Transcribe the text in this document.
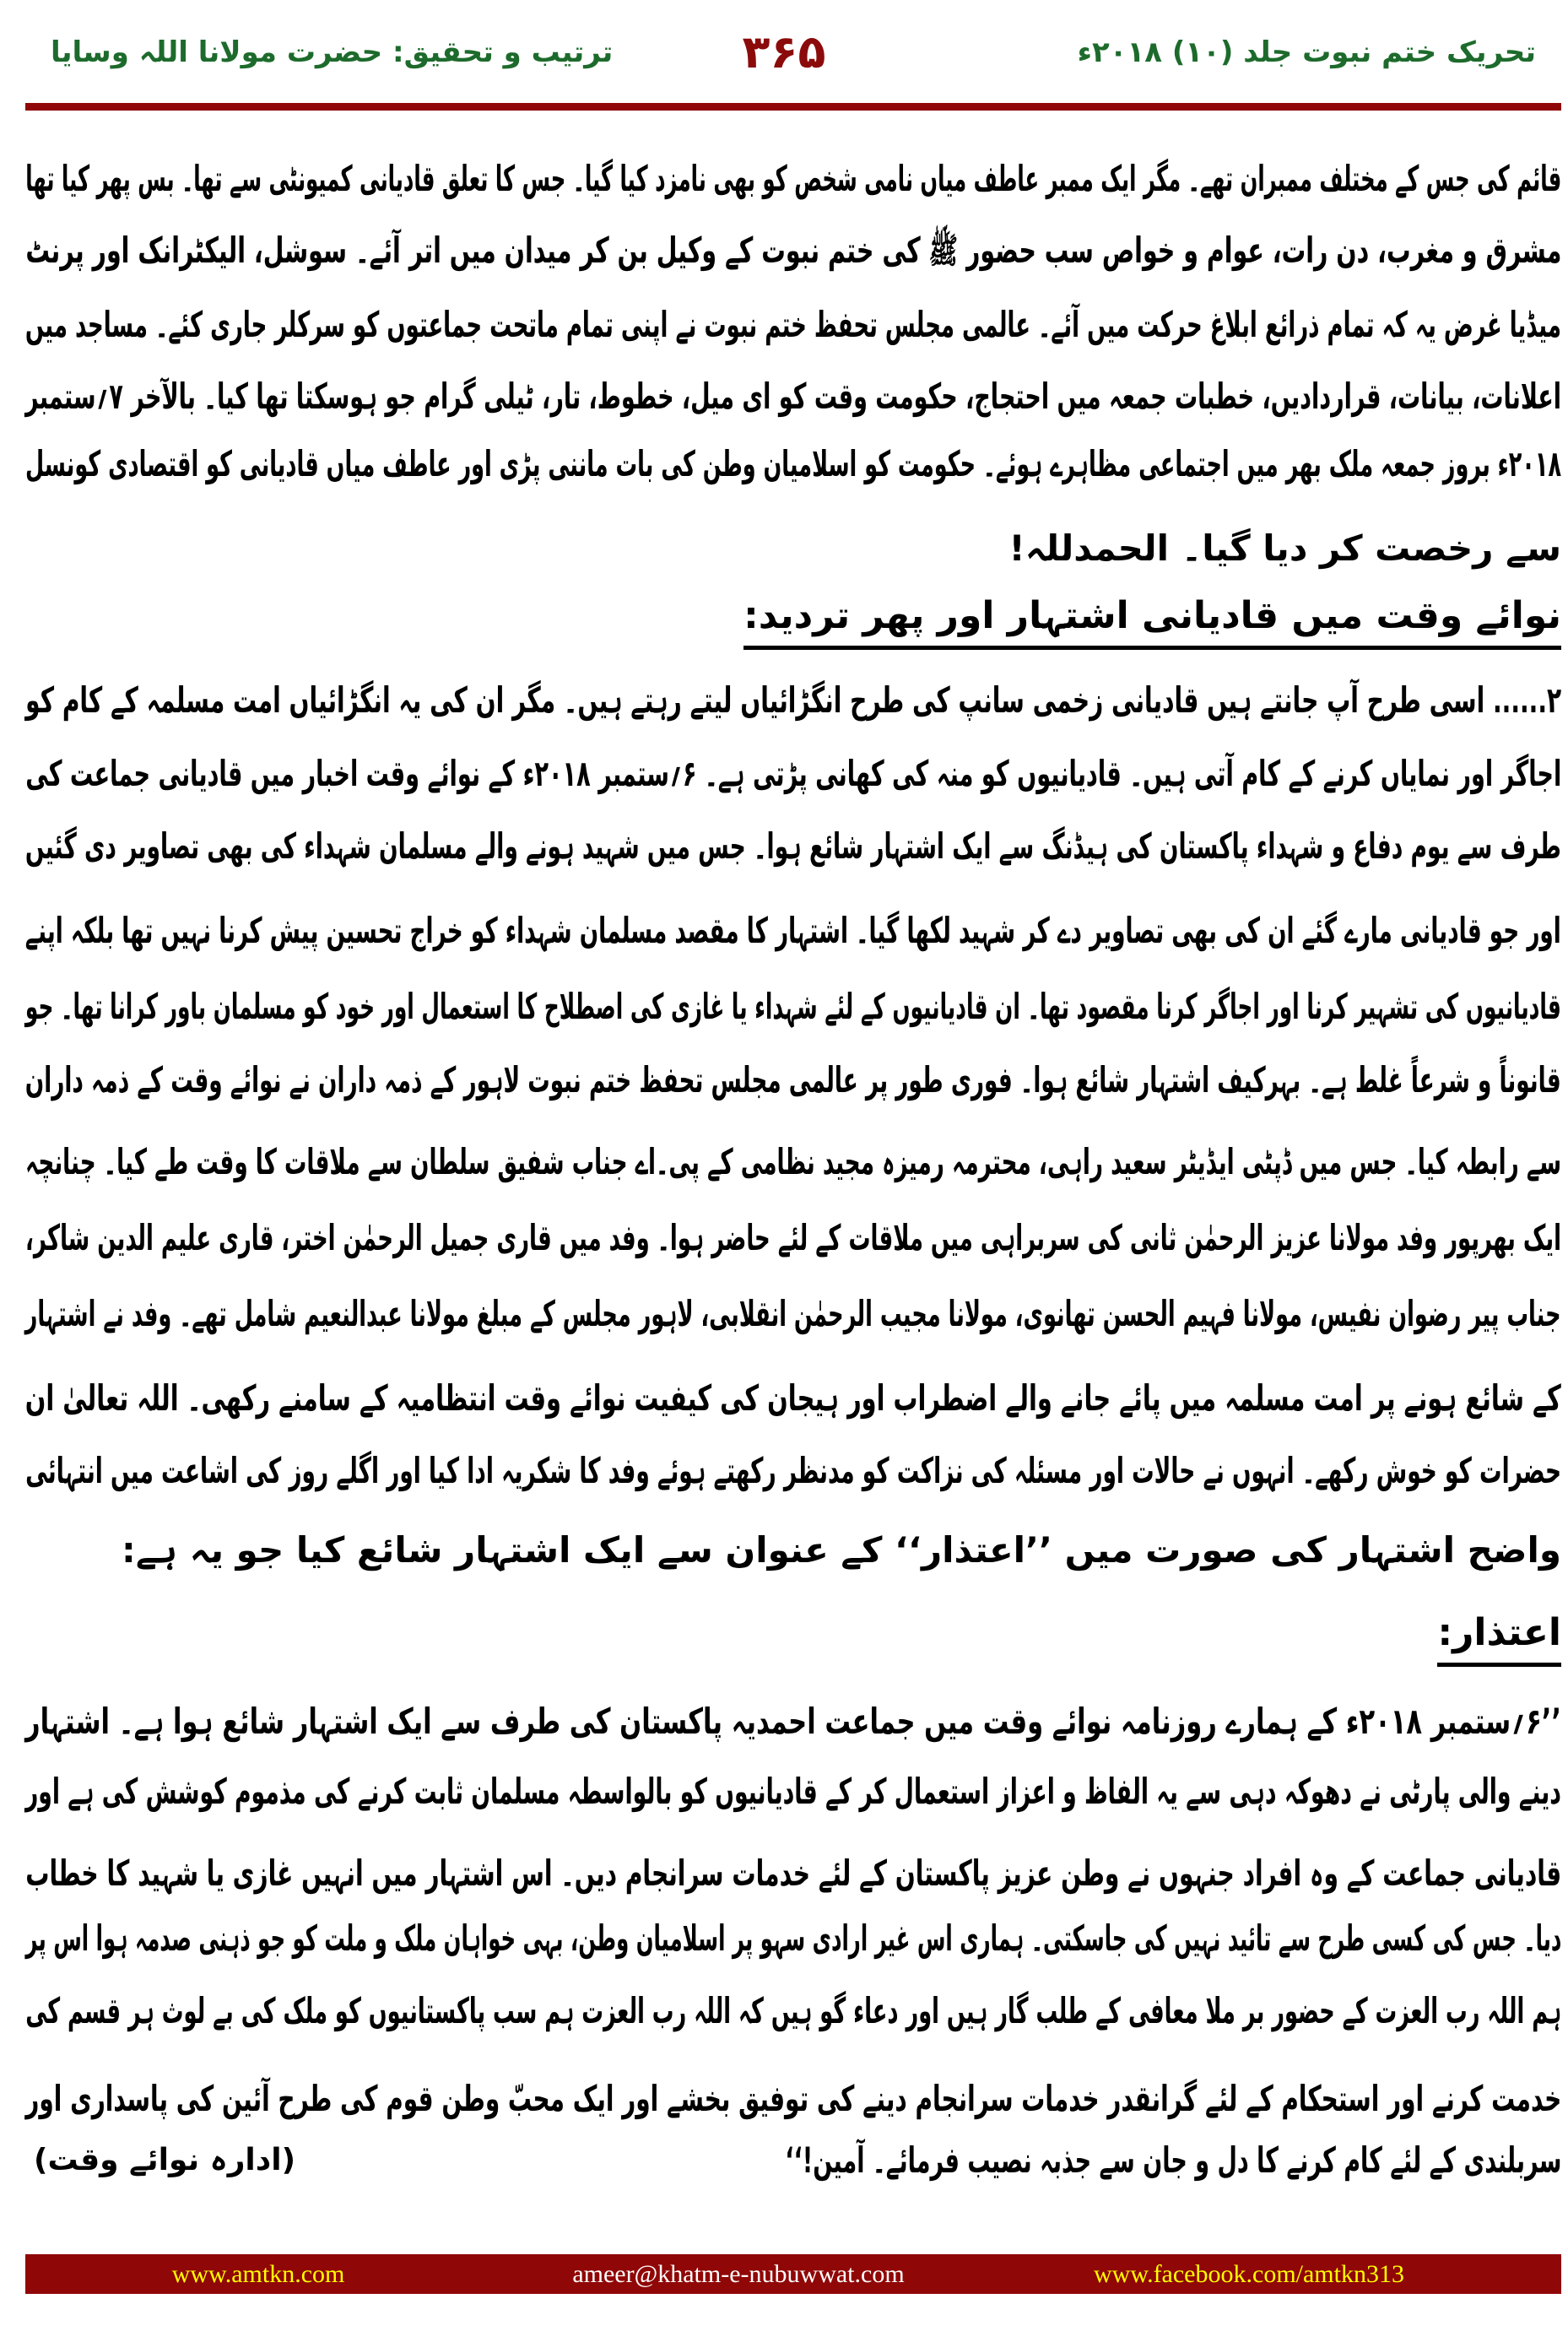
تحریک ختم نبوت جلد (۱۰) ۲۰۱۸ء
۳۶۵
ترتیب و تحقیق: حضرت مولانا اللہ وسایا
قائم کی جس کے مختلف ممبران تھے۔ مگر ایک ممبر عاطف میاں نامی شخص کو بھی نامزد کیا گیا۔ جس کا تعلق قادیانی کمیونٹی سے تھا۔ بس پھر کیا تھا
مشرق و مغرب، دن رات، عوام و خواص سب حضور ﷺ کی ختم نبوت کے وکیل بن کر میدان میں اتر آئے۔ سوشل، الیکٹرانک اور پرنٹ
میڈیا غرض یہ کہ تمام ذرائع ابلاغ حرکت میں آئے۔ عالمی مجلس تحفظ ختم نبوت نے اپنی تمام ماتحت جماعتوں کو سرکلر جاری کئے۔ مساجد میں
اعلانات، بیانات، قراردادیں، خطبات جمعہ میں احتجاج، حکومت وقت کو ای میل، خطوط، تار، ٹیلی گرام جو ہوسکتا تھا کیا۔ بالآخر ۷؍ستمبر
۲۰۱۸ء بروز جمعہ ملک بھر میں اجتماعی مظاہرے ہوئے۔ حکومت کو اسلامیان وطن کی بات ماننی پڑی اور عاطف میاں قادیانی کو اقتصادی کونسل
سے رخصت کر دیا گیا۔ الحمدللہ!
نوائے وقت میں قادیانی اشتہار اور پھر تردید:
۲...... اسی طرح آپ جانتے ہیں قادیانی زخمی سانپ کی طرح انگڑائیاں لیتے رہتے ہیں۔ مگر ان کی یہ انگڑائیاں امت مسلمہ کے کام کو
اجاگر اور نمایاں کرنے کے کام آتی ہیں۔ قادیانیوں کو منہ کی کھانی پڑتی ہے۔ ۶؍ستمبر ۲۰۱۸ء کے نوائے وقت اخبار میں قادیانی جماعت کی
طرف سے یوم دفاع و شہداء پاکستان کی ہیڈنگ سے ایک اشتہار شائع ہوا۔ جس میں شہید ہونے والے مسلمان شہداء کی بھی تصاویر دی گئیں
اور جو قادیانی مارے گئے ان کی بھی تصاویر دے کر شہید لکھا گیا۔ اشتہار کا مقصد مسلمان شہداء کو خراج تحسین پیش کرنا نہیں تھا بلکہ اپنے
قادیانیوں کی تشہیر کرنا اور اجاگر کرنا مقصود تھا۔ ان قادیانیوں کے لئے شہداء یا غازی کی اصطلاح کا استعمال اور خود کو مسلمان باور کرانا تھا۔ جو
قانوناً و شرعاً غلط ہے۔ بہرکیف اشتہار شائع ہوا۔ فوری طور پر عالمی مجلس تحفظ ختم نبوت لاہور کے ذمہ داران نے نوائے وقت کے ذمہ داران
سے رابطہ کیا۔ جس میں ڈپٹی ایڈیٹر سعید راہی، محترمہ رمیزہ مجید نظامی کے پی۔اے جناب شفیق سلطان سے ملاقات کا وقت طے کیا۔ چنانچہ
ایک بھرپور وفد مولانا عزیز الرحمٰن ثانی کی سربراہی میں ملاقات کے لئے حاضر ہوا۔ وفد میں قاری جمیل الرحمٰن اختر، قاری علیم الدین شاکر،
جناب پیر رضوان نفیس، مولانا فہیم الحسن تھانوی، مولانا مجیب الرحمٰن انقلابی، لاہور مجلس کے مبلغ مولانا عبدالنعیم شامل تھے۔ وفد نے اشتہار
کے شائع ہونے پر امت مسلمہ میں پائے جانے والے اضطراب اور ہیجان کی کیفیت نوائے وقت انتظامیہ کے سامنے رکھی۔ اللہ تعالیٰ ان
حضرات کو خوش رکھے۔ انہوں نے حالات اور مسئلہ کی نزاکت کو مدنظر رکھتے ہوئے وفد کا شکریہ ادا کیا اور اگلے روز کی اشاعت میں انتہائی
واضح اشتہار کی صورت میں ’’اعتذار‘‘ کے عنوان سے ایک اشتہار شائع کیا جو یہ ہے:
اعتذار:
’’۶؍ستمبر ۲۰۱۸ء کے ہمارے روزنامہ نوائے وقت میں جماعت احمدیہ پاکستان کی طرف سے ایک اشتہار شائع ہوا ہے۔ اشتہار
دینے والی پارٹی نے دھوکہ دہی سے یہ الفاظ و اعزاز استعمال کر کے قادیانیوں کو بالواسطہ مسلمان ثابت کرنے کی مذموم کوشش کی ہے اور
قادیانی جماعت کے وہ افراد جنہوں نے وطن عزیز پاکستان کے لئے خدمات سرانجام دیں۔ اس اشتہار میں انہیں غازی یا شہید کا خطاب
دیا۔ جس کی کسی طرح سے تائید نہیں کی جاسکتی۔ ہماری اس غیر ارادی سہو پر اسلامیان وطن، بہی خواہان ملک و ملت کو جو ذہنی صدمہ ہوا اس پر
ہم اللہ رب العزت کے حضور بر ملا معافی کے طلب گار ہیں اور دعاء گو ہیں کہ اللہ رب العزت ہم سب پاکستانیوں کو ملک کی بے لوث ہر قسم کی
خدمت کرنے اور استحکام کے لئے گرانقدر خدمات سرانجام دینے کی توفیق بخشے اور ایک محبّ وطن قوم کی طرح آئین کی پاسداری اور
سربلندی کے لئے کام کرنے کا دل و جان سے جذبہ نصیب فرمائے۔ آمین!‘‘
(ادارہ نوائے وقت)
www.amtkn.com	ameer@khatm-e-nubuwwat.com	www.facebook.com/amtkn313
